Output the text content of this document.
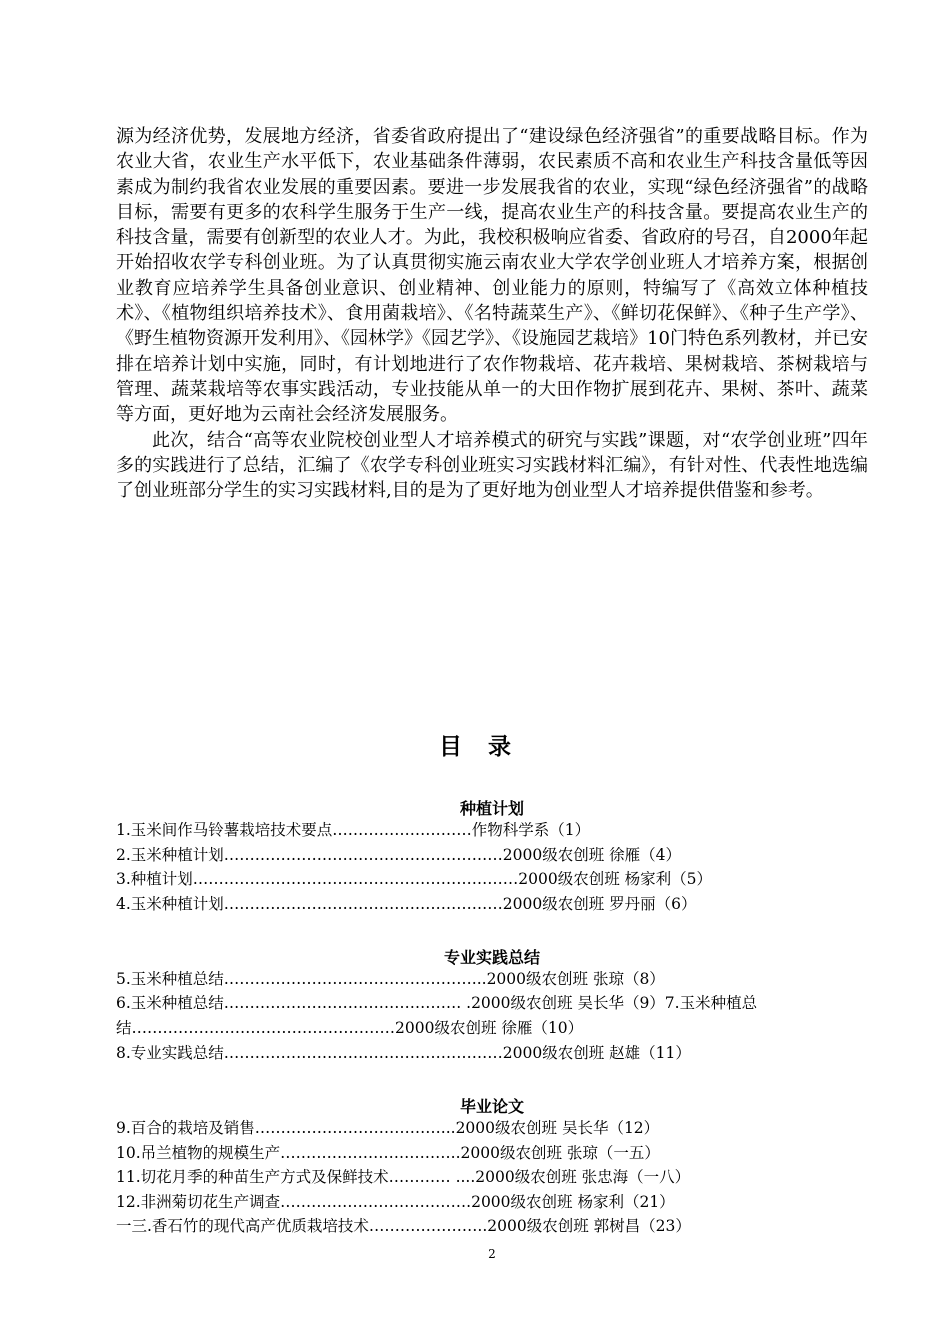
源为经济优势，发展地方经济，省委省政府提出了“建设绿色经济强省”的重要战略目标。作为农业大省，农业生产水平低下，农业基础条件薄弱，农民素质不高和农业生产科技含量低等因素成为制约我省农业发展的重要因素。要进一步发展我省的农业，实现“绿色经济强省”的战略目标，需要有更多的农科学生服务于生产一线，提高农业生产的科技含量。要提高农业生产的科技含量，需要有创新型的农业人才。为此，我校积极响应省委、省政府的号召，自2000年起开始招收农学专科创业班。为了认真贯彻实施云南农业大学农学创业班人才培养方案，根据创业教育应培养学生具备创业意识、创业精神、创业能力的原则，特编写了《高效立体种植技术》、《植物组织培养技术》、食用菌栽培》、《名特蔬菜生产》、《鲜切花保鲜》、《种子生产学》、《野生植物资源开发利用》、《园林学》《园艺学》、《设施园艺栽培》10门特色系列教材，并已安排在培养计划中实施，同时，有计划地进行了农作物栽培、花卉栽培、果树栽培、茶树栽培与管理、蔬菜栽培等农事实践活动，专业技能从单一的大田作物扩展到花卉、果树、茶叶、蔬菜等方面，更好地为云南社会经济发展服务。

此次，结合“高等农业院校创业型人才培养模式的研究与实践”课题，对“农学创业班”四年多的实践进行了总结，汇编了《农学专科创业班实习实践材料汇编》，有针对性、代表性地选编了创业班部分学生的实习实践材料,目的是为了更好地为创业型人才培养提供借鉴和参考。

目录
种植计划
1.玉米间作马铃薯栽培技术要点………………………作物科学系（1）
2.玉米种植计划………………………………………………2000级农创班 徐雁（4）
3.种植计划………………………………………………………2000级农创班 杨家利（5）
4.玉米种植计划………………………………………………2000级农创班 罗丹丽（6）
专业实践总结
5.玉米种植总结…………………………………………...2000级农创班 张琼（8）
6.玉米种植总结………………………………………. .2000级农创班 吴长华（9）7.玉米种植总结……………………………………………2000级农创班 徐雁（10）
8.专业实践总结………………………………………………2000级农创班 赵雄（11）
毕业论文
9.百合的栽培及销售………………………………...2000级农创班 吴长华（12）
10.吊兰植物的规模生产……………………………..2000级农创班 张琼（一五）
11.切花月季的种苗生产方式及保鲜技术………… ....2000级农创班 张忠海（一八）
12.非洲菊切花生产调查……………………………….2000级农创班 杨家利（21）
一三.香石竹的现代高产优质栽培技术…………………..2000级农创班 郭树昌（23）
2
